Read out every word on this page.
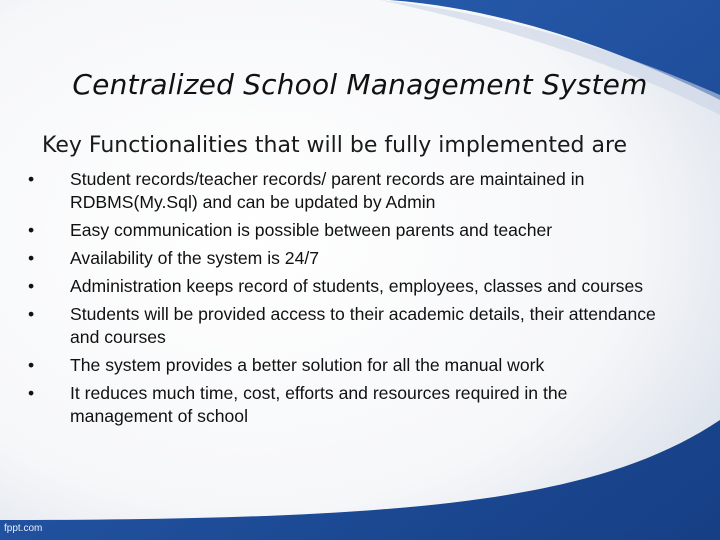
Centralized School Management System
Key Functionalities that will be fully implemented are
• Student records/teacher records/ parent records are maintained in RDBMS(My.Sql) and can be updated by Admin
• Easy communication is possible between parents and teacher
• Availability of the system is 24/7
• Administration keeps record of students, employees, classes and courses
• Students will be provided access to their academic details, their attendance and courses
• The system provides a better solution for all the manual work
• It reduces much time, cost, efforts and resources required in the management of school
fppt.com
